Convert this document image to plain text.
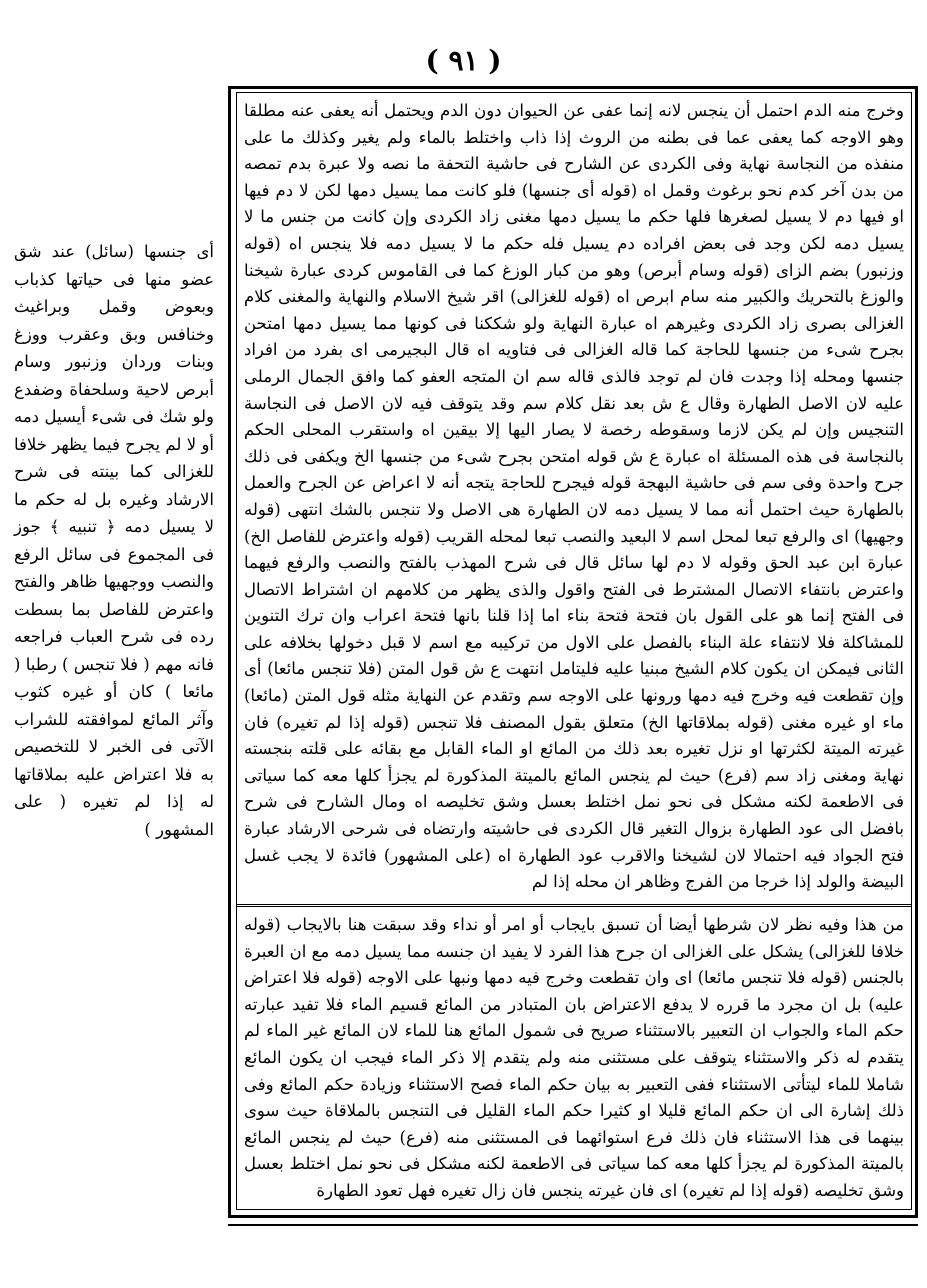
( ٩١ )
أى جنسها (سائل) عند شق عضو منها فى حياتها كذباب وبعوض وقمل وبراغيث وخنافس وبق وعقرب ووزغ وبنات وردان وزنبور وسام أبرص لاحية وسلحفاة وضفدع ولو شك فى شىء أيسيل دمه أو لا لم يجرح فيما يظهر خلافا للغزالى كما بينته فى شرح الارشاد وغيره بل له حكم ما لا يسيل دمه ﴿ تنبيه ﴾ جوز فى المجموع فى سائل الرفع والنصب ووجهيها ظاهر والفتح واعترض للفاصل بما بسطت رده فى شرح العباب فراجعه فانه مهم ( فلا تنجس ) رطبا ( مائعا ) كان أو غيره كثوب وآثر المائع لموافقته للشراب الآتى فى الخبر لا للتخصيص به فلا اعتراض عليه بملاقاتها له إذا لم تغيره ( على المشهور )
وخرج منه الدم احتمل أن ينجس لانه إنما عفى عن الحيوان دون الدم ويحتمل أنه يعفى عنه مطلقا وهو الاوجه كما يعفى عما فى بطنه من الروث إذا ذاب واختلط بالماء ولم يغير وكذلك ما على منفذه من النجاسة نهاية وفى الكردى عن الشارح فى حاشية التحفة ما نصه ولا عبرة بدم تمصه من بدن آخر كدم نحو برغوث وقمل اه (قوله أى جنسها) فلو كانت مما يسيل دمها لكن لا دم فيها او فيها دم لا يسيل لصغرها فلها حكم ما يسيل دمها مغنى زاد الكردى وإن كانت من جنس ما لا يسيل دمه لكن وجد فى بعض افراده دم يسيل فله حكم ما لا يسيل دمه فلا ينجس اه (قوله وزنبور) بضم الزاى (قوله وسام أبرص) وهو من كبار الوزغ كما فى القاموس كردى عبارة شيخنا والوزغ بالتحريك والكبير منه سام ابرص اه (قوله للغزالى) اقر شيخ الاسلام والنهاية والمغنى كلام الغزالى بصرى زاد الكردى وغيرهم اه عبارة النهاية ولو شككنا فى كونها مما يسيل دمها امتحن بجرح شىء من جنسها للحاجة كما قاله الغزالى فى فتاويه اه قال البجيرمى اى بفرد من افراد جنسها ومحله إذا وجدت فان لم توجد فالذى قاله سم ان المتجه العفو كما وافق الجمال الرملى عليه لان الاصل الطهارة وقال ع ش بعد نقل كلام سم وقد يتوقف فيه لان الاصل فى النجاسة التنجيس وإن لم يكن لازما وسقوطه رخصة لا يصار اليها إلا بيقين اه واستقرب المحلى الحكم بالنجاسة فى هذه المسئلة اه عبارة ع ش قوله امتحن بجرح شىء من جنسها الخ ويكفى فى ذلك جرح واحدة وفى سم فى حاشية البهجة قوله فيجرح للحاجة يتجه أنه لا اعراض عن الجرح والعمل بالطهارة حيث احتمل أنه مما لا يسيل دمه لان الطهارة هى الاصل ولا تنجس بالشك انتهى (قوله وجهيها) اى والرفع تبعا لمحل اسم لا البعيد والنصب تبعا لمحله القريب (قوله واعترض للفاصل الخ) عبارة ابن عبد الحق وقوله لا دم لها سائل قال فى شرح المهذب بالفتح والنصب والرفع فيهما واعترض بانتفاء الاتصال المشترط فى الفتح واقول والذى يظهر من كلامهم ان اشتراط الاتصال فى الفتح إنما هو على القول بان فتحة فتحة بناء اما إذا قلنا بانها فتحة اعراب وان ترك التنوين للمشاكلة فلا لانتفاء علة البناء بالفصل على الاول من تركيبه مع اسم لا قبل دخولها بخلافه على الثانى فيمكن ان يكون كلام الشيخ مبنيا عليه فليتامل انتهت ع ش قول المتن (فلا تنجس مائعا) أى وإن تقطعت فيه وخرج فيه دمها ورونها على الاوجه سم وتقدم عن النهاية مثله قول المتن (مائعا) ماء او غيره مغنى (قوله بملاقاتها الخ) متعلق بقول المصنف فلا تنجس (قوله إذا لم تغيره) فان غيرته الميتة لكثرتها او نزل تغيره بعد ذلك من المائع او الماء القابل مع بقائه على قلته بنجسته نهاية ومغنى زاد سم (فرع) حيث لم ينجس المائع بالميتة المذكورة لم يجزأ كلها معه كما سياتى فى الاطعمة لكنه مشكل فى نحو نمل اختلط بعسل وشق تخليصه اه ومال الشارح فى شرح بافضل الى عود الطهارة بزوال التغير قال الكردى فى حاشيته وارتضاه فى شرحى الارشاد عبارة فتح الجواد فيه احتمالا لان لشيخنا والاقرب عود الطهارة اه (على المشهور) فائدة لا يجب غسل البيضة والولد إذا خرجا من الفرج وظاهر ان محله إذا لم
من هذا وفيه نظر لان شرطها أيضا أن تسبق بايجاب أو امر أو نداء وقد سبقت هنا بالايجاب (قوله خلافا للغزالى) يشكل على الغزالى ان جرح هذا الفرد لا يفيد ان جنسه مما يسيل دمه مع ان العبرة بالجنس (قوله فلا تنجس مائعا) اى وان تقطعت وخرج فيه دمها ونبها على الاوجه (قوله فلا اعتراض عليه) بل ان مجرد ما قرره لا يدفع الاعتراض بان المتبادر من المائع قسيم الماء فلا تفيد عبارته حكم الماء والجواب ان التعبير بالاستثناء صريح فى شمول المائع هنا للماء لان المائع غير الماء لم يتقدم له ذكر والاستثناء يتوقف على مستثنى منه ولم يتقدم إلا ذكر الماء فيجب ان يكون المائع شاملا للماء ليتأتى الاستثناء ففى التعبير به بيان حكم الماء فصح الاستثناء وزيادة حكم المائع وفى ذلك إشارة الى ان حكم المائع قليلا او كثيرا حكم الماء القليل فى التنجس بالملاقاة حيث سوى بينهما فى هذا الاستثناء فان ذلك فرع استوائهما فى المستثنى منه (فرع) حيث لم ينجس المائع بالميتة المذكورة لم يجزأ كلها معه كما سياتى فى الاطعمة لكنه مشكل فى نحو نمل اختلط بعسل وشق تخليصه (قوله إذا لم تغيره) اى فان غيرته ينجس فان زال تغيره فهل تعود الطهارة
